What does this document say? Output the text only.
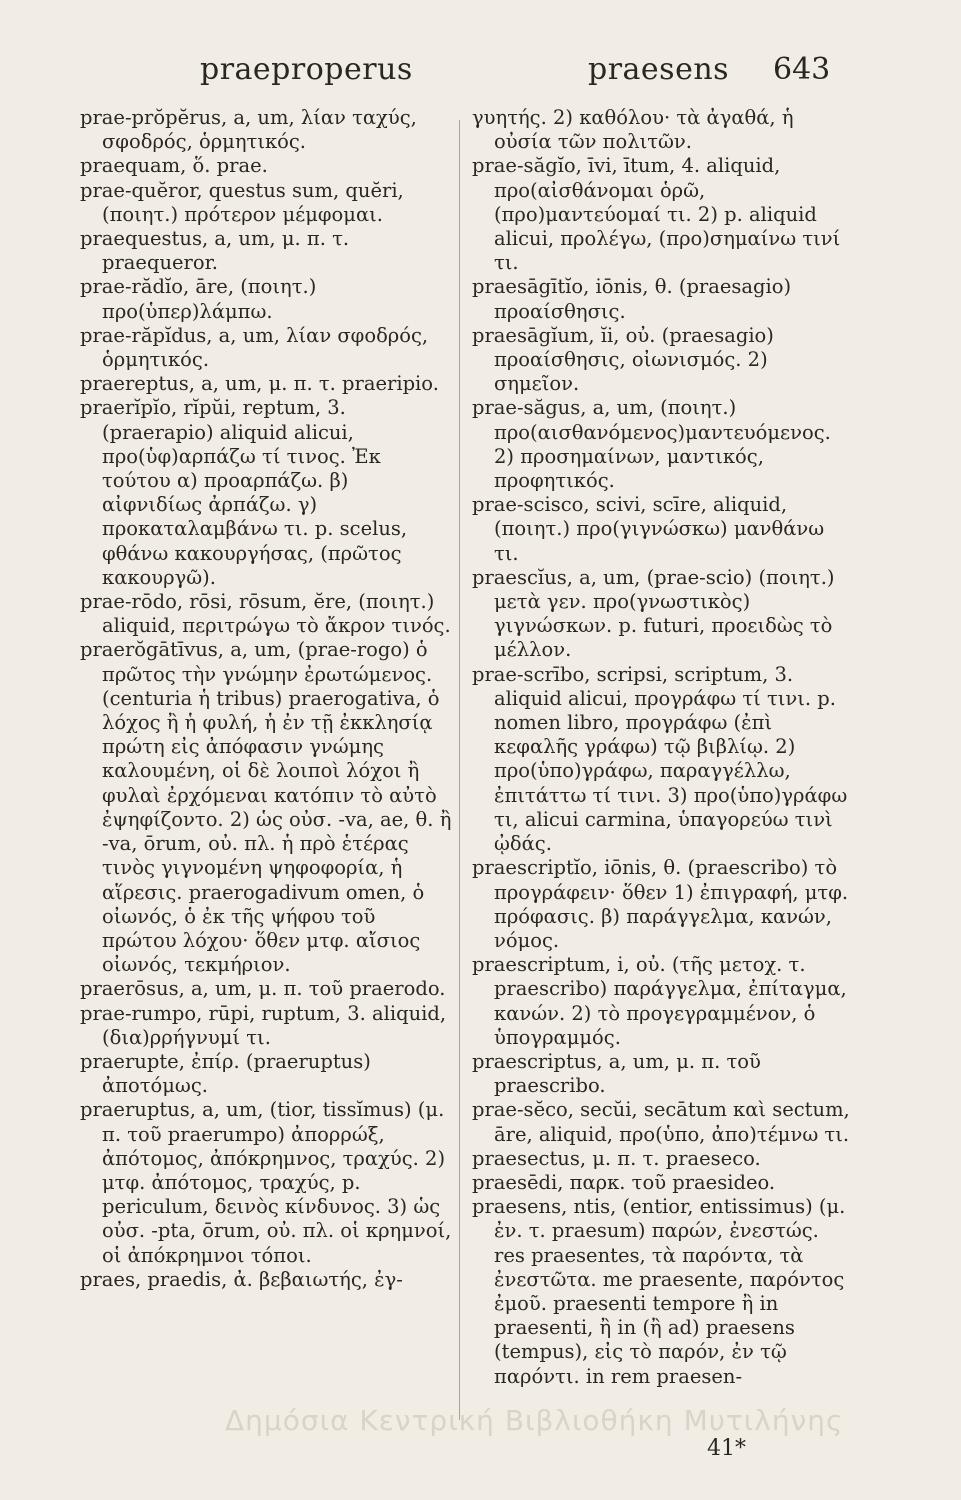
praeproperus	praesens 643

prae-prŏpĕrus, a, um, λίαν ταχύς, σφοδρός, ὁρμητικός.

praequam, ὅ. prae.

prae-quĕror, questus sum, quĕri, (ποιητ.) πρότερον μέμφομαι.

praequestus, a, um, μ. π. τ. praequeror.

prae-rădĭo, āre, (ποιητ.) προ(ὑπερ)λάμπω.

prae-răpĭdus, a, um, λίαν σφοδρός, ὁρμητικός.

praereptus, a, um, μ. π. τ. praeripio.

praerĭpĭo, rĭpŭi, reptum, 3. (praerapio) aliquid alicui, προ(ὑφ)αρπάζω τί τινος. Ἐκ τούτου α) προαρπάζω. β) αἰφνιδίως ἀρπάζω. γ) προκαταλαμβάνω τι. p. scelus, φθάνω κακουργήσας, (πρῶτος κακουργῶ).

prae-rōdo, rōsi, rōsum, ĕre, (ποιητ.) aliquid, περιτρώγω τὸ ἄκρον τινός.

praerŏgātīvus, a, um, (prae-rogo) ὁ πρῶτος τὴν γνώμην ἐρωτώμενος. (centuria ἡ tribus) praerogativa, ὁ λόχος ἢ ἡ φυλή, ἡ ἐν τῇ ἐκκλησίᾳ πρώτη εἰς ἀπόφασιν γνώμης καλουμένη, οἱ δὲ λοιποὶ λόχοι ἢ φυλαὶ ἐρχόμεναι κατόπιν τὸ αὐτὸ ἐψηφίζοντο. 2) ὡς οὐσ. -va, ae, θ. ἢ -va, ōrum, οὐ. πλ. ἡ πρὸ ἑτέρας τινὸς γιγνομένη ψηφοφορία, ἡ αἵρεσις. praerogadivum omen, ὁ οἰωνός, ὁ ἐκ τῆς ψήφου τοῦ πρώτου λόχου· ὅθεν μτφ. αἴσιος οἰωνός, τεκμήριον.

praerōsus, a, um, μ. π. τοῦ praerodo.

prae-rumpo, rūpi, ruptum, 3. aliquid, (δια)ρρήγνυμί τι.

praerupte, ἐπίρ. (praeruptus) ἀποτόμως.

praeruptus, a, um, (tior, tissĭmus) (μ. π. τοῦ praerumpo) ἀπορρώξ, ἀπότομος, ἀπόκρημνος, τραχύς. 2) μτφ. ἀπότομος, τραχύς, p. periculum, δεινὸς κίνδυνος. 3) ὡς οὐσ. -pta, ōrum, οὐ. πλ. οἱ κρημνοί, οἱ ἀπόκρημνοι τόποι.

praes, praedis, ἀ. βεβαιωτής, ἐγ-

γυητής. 2) καθόλου· τὰ ἀγαθά, ἡ οὐσία τῶν πολιτῶν.

prae-săgĭo, īvi, ītum, 4. aliquid, προ(αἰσθάνομαι ὁρῶ, (προ)μαντεύομαί τι. 2) p. aliquid alicui, προλέγω, (προ)σημαίνω τινί τι.

praesāgītĭo, iōnis, θ. (praesagio) προαίσθησις.

praesāgĭum, ĭi, οὐ. (praesagio) προαίσθησις, οἰωνισμός. 2) σημεῖον.

prae-săgus, a, um, (ποιητ.) προ(αισθανόμενος)μαντευόμενος. 2) προσημαίνων, μαντικός, προφητικός.

prae-scisco, scivi, scīre, aliquid, (ποιητ.) προ(γιγνώσκω) μανθάνω τι.

praescĭus, a, um, (prae-scio) (ποιητ.) μετὰ γεν. προ(γνωστικὸς) γιγνώσκων. p. futuri, προειδὼς τὸ μέλλον.

prae-scrībo, scripsi, scriptum, 3. aliquid alicui, προγράφω τί τινι. p. nomen libro, προγράφω (ἐπὶ κεφαλῆς γράφω) τῷ βιβλίῳ. 2) προ(ὑπο)γράφω, παραγγέλλω, ἐπιτάττω τί τινι. 3) προ(ὑπο)γράφω τι, alicui carmina, ὑπαγορεύω τινὶ ᾠδάς.

praescriptĭo, iōnis, θ. (praescribo) τὸ προγράφειν· ὅθεν 1) ἐπιγραφή, μτφ. πρόφασις. β) παράγγελμα, κανών, νόμος.

praescriptum, i, οὐ. (τῆς μετοχ. τ. praescribo) παράγγελμα, ἐπίταγμα, κανών. 2) τὸ προγεγραμμένον, ὁ ὑπογραμμός.

praescriptus, a, um, μ. π. τοῦ praescribo.

prae-sĕco, secŭi, secātum καὶ sectum, āre, aliquid, προ(ὑπο, ἀπο)τέμνω τι.

praesectus, μ. π. τ. praeseco.

praesēdi, παρκ. τοῦ praesideo.

praesens, ntis, (entior, entissimus) (μ. ἐν. τ. praesum) παρών, ἐνεστώς. res praesentes, τὰ παρόντα, τὰ ἐνεστῶτα. me praesente, παρόντος ἐμοῦ. praesenti tempore ἢ in praesenti, ἢ in (ἢ ad) praesens (tempus), εἰς τὸ παρόν, ἐν τῷ παρόντι. in rem praesen-

Δημόσια Κεντρική Βιβλιοθήκη Μυτιλήνης
41*
